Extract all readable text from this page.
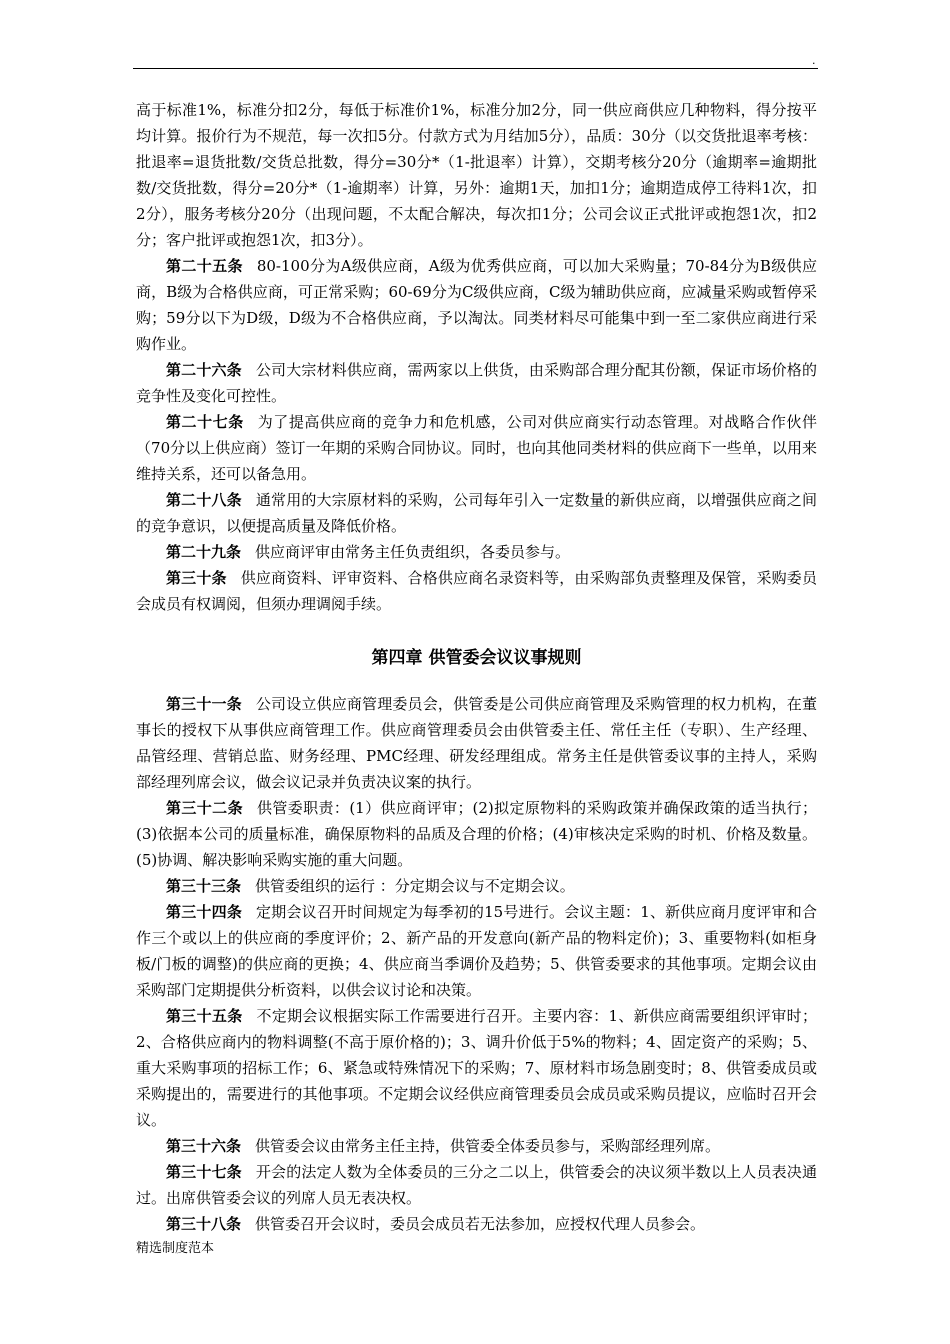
.

高于标准1%，标准分扣2分，每低于标准价1%，标准分加2分，同一供应商供应几种物料，得分按平均计算。报价行为不规范，每一次扣5分。付款方式为月结加5分），品质：30分（以交货批退率考核：批退率=退货批数/交货总批数，得分=30分*（1-批退率）计算），交期考核分20分（逾期率=逾期批数/交货批数，得分=20分*（1-逾期率）计算，另外：逾期1天，加扣1分；逾期造成停工待料1次，扣2分），服务考核分20分（出现问题，不太配合解决，每次扣1分；公司会议正式批评或抱怨1次，扣2分；客户批评或抱怨1次，扣3分）。

第二十五条 80-100分为A级供应商，A级为优秀供应商，可以加大采购量；70-84分为B级供应商，B级为合格供应商，可正常采购；60-69分为C级供应商，C级为辅助供应商，应减量采购或暂停采购；59分以下为D级，D级为不合格供应商，予以淘汰。同类材料尽可能集中到一至二家供应商进行采购作业。

第二十六条 公司大宗材料供应商，需两家以上供货，由采购部合理分配其份额，保证市场价格的竞争性及变化可控性。

第二十七条 为了提高供应商的竞争力和危机感，公司对供应商实行动态管理。对战略合作伙伴（70分以上供应商）签订一年期的采购合同协议。同时，也向其他同类材料的供应商下一些单，以用来维持关系，还可以备急用。

第二十八条 通常用的大宗原材料的采购，公司每年引入一定数量的新供应商，以增强供应商之间的竞争意识，以便提高质量及降低价格。

第二十九条 供应商评审由常务主任负责组织，各委员参与。

第三十条 供应商资料、评审资料、合格供应商名录资料等，由采购部负责整理及保管，采购委员会成员有权调阅，但须办理调阅手续。

第四章 供管委会议议事规则

第三十一条 公司设立供应商管理委员会，供管委是公司供应商管理及采购管理的权力机构，在董事长的授权下从事供应商管理工作。供应商管理委员会由供管委主任、常任主任（专职）、生产经理、品管经理、营销总监、财务经理、PMC经理、研发经理组成。常务主任是供管委议事的主持人，采购部经理列席会议，做会议记录并负责决议案的执行。

第三十二条 供管委职责：(1）供应商评审；(2)拟定原物料的采购政策并确保政策的适当执行；(3)依据本公司的质量标准，确保原物料的品质及合理的价格；(4)审核决定采购的时机、价格及数量。(5)协调、解决影响采购实施的重大问题。

第三十三条 供管委组织的运行 ：分定期会议与不定期会议。

第三十四条 定期会议召开时间规定为每季初的15号进行。会议主题：1、新供应商月度评审和合作三个或以上的供应商的季度评价；2、新产品的开发意向(新产品的物料定价)；3、重要物料(如柜身板/门板的调整)的供应商的更换；4、供应商当季调价及趋势；5、供管委要求的其他事项。定期会议由采购部门定期提供分析资料，以供会议讨论和决策。

第三十五条 不定期会议根据实际工作需要进行召开。主要内容：1、新供应商需要组织评审时；2、合格供应商内的物料调整(不高于原价格的)；3、调升价低于5%的物料；4、固定资产的采购；5、重大采购事项的招标工作；6、紧急或特殊情况下的采购；7、原材料市场急剧变时；8、供管委成员或采购提出的，需要进行的其他事项。不定期会议经供应商管理委员会成员或采购员提议，应临时召开会议。

第三十六条 供管委会议由常务主任主持，供管委全体委员参与，采购部经理列席。

第三十七条 开会的法定人数为全体委员的三分之二以上，供管委会的决议须半数以上人员表决通过。出席供管委会议的列席人员无表决权。

第三十八条 供管委召开会议时，委员会成员若无法参加，应授权代理人员参会。

精选制度范本
